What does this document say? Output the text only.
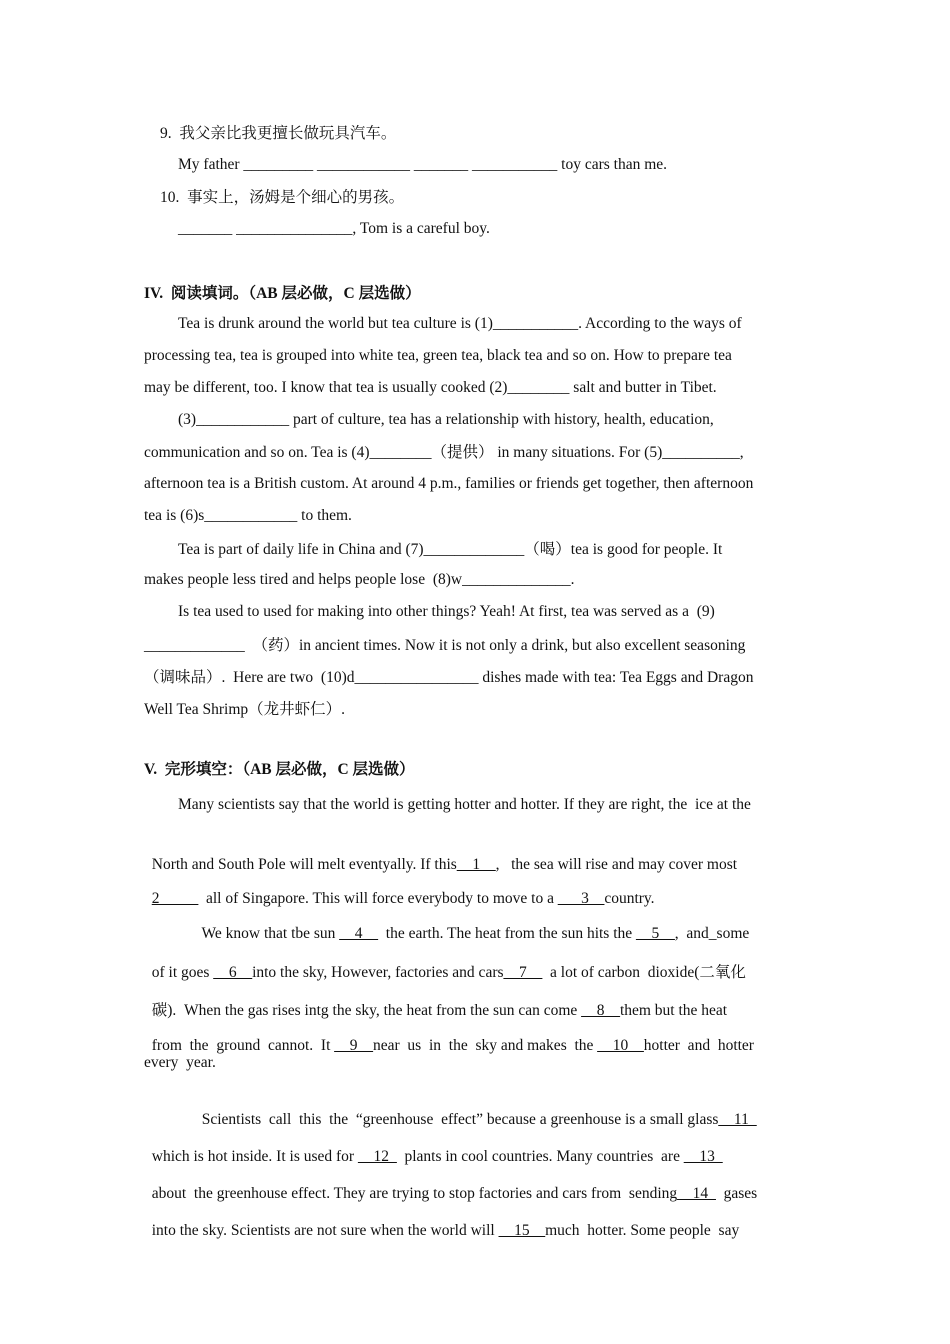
9.  我父亲比我更擅长做玩具汽车。
My father _________ ____________ _______ ___________ toy cars than me.
10.  事实上，汤姆是个细心的男孩。
_______ _______________, Tom is a careful boy.
IV.  阅读填词。（AB 层必做，C 层选做）
Tea is drunk around the world but tea culture is (1)___________. According to the ways of
processing tea, tea is grouped into white tea, green tea, black tea and so on. How to prepare tea
may be different, too. I know that tea is usually cooked (2)________ salt and butter in Tibet.
(3)____________ part of culture, tea has a relationship with history, health, education,
communication and so on. Tea is (4)________（提供） in many situations. For (5)__________,
afternoon tea is a British custom. At around 4 p.m., families or friends get together, then afternoon
tea is (6)s____________ to them.
Tea is part of daily life in China and (7)_____________（喝）tea is good for people. It
makes people less tired and helps people lose  (8)w______________.
Is tea used to used for making into other things? Yeah! At first, tea was served as a  (9)
_____________  （药）in ancient times. Now it is not only a drink, but also excellent seasoning
（调味品）.  Here are two  (10)d________________ dishes made with tea: Tea Eggs and Dragon
Well Tea Shrimp（龙井虾仁）.
V.  完形填空：（AB 层必做，C 层选做）
Many scientists say that the world is getting hotter and hotter. If they are right, the  ice at the

North and South Pole will melt eventyally. If this__1__,   the sea will rise and may cover most

2_____  all of Singapore. This will force everybody to move to a ___3__country.

We know that tbe sun __4__  the earth. The heat from the sun hits the __5__,  and_some

of it goes __6__into the sky, However, factories and cars__7__  a lot of carbon  dioxide(二氧化

碳).  When the gas rises intg the sky, the heat from the sun can come __8__them but the heat

from  the  ground  cannot.  It __9__near  us  in  the  sky and makes  the __10__hotter  and  hotter

every  year.

Scientists  call  this  the  “greenhouse  effect” because a greenhouse is a small glass__11_

which is hot inside. It is used for __12_  plants in cool countries. Many countries  are __13_

about  the greenhouse effect. They are trying to stop factories and cars from  sending__14_  gases

into the sky. Scientists are not sure when the world will __15__much  hotter. Some people  say
